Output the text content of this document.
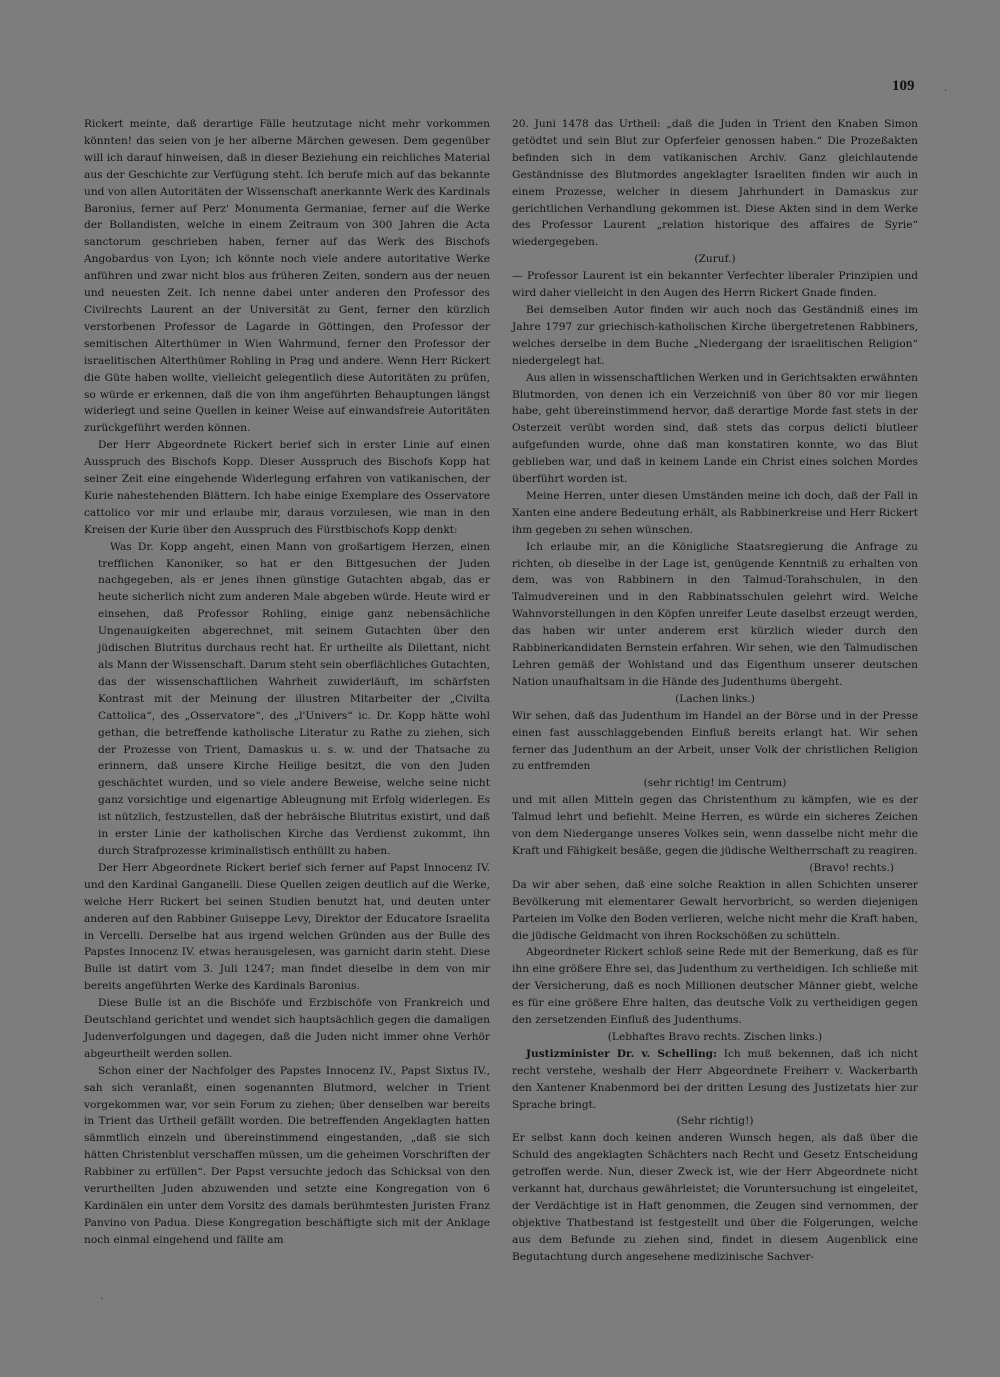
109	·

Rickert meinte, daß derartige Fälle heutzutage nicht mehr vorkommen könnten! das seien von je her alberne Märchen gewesen. Dem gegenüber will ich darauf hinweisen, daß in dieser Beziehung ein reichliches Material aus der Geschichte zur Verfügung steht. Ich berufe mich auf das bekannte und von allen Autoritäten der Wissenschaft anerkannte Werk des Kardinals Baronius, ferner auf Perz' Monumenta Germaniae, ferner auf die Werke der Bollandisten, welche in einem Zeitraum von 300 Jahren die Acta sanctorum geschrieben haben, ferner auf das Werk des Bischofs Angobardus von Lyon; ich könnte noch viele andere autoritative Werke anführen und zwar nicht blos aus früheren Zeiten, sondern aus der neuen und neuesten Zeit. Ich nenne dabei unter anderen den Professor des Civilrechts Laurent an der Universität zu Gent, ferner den kürzlich verstorbenen Professor de Lagarde in Göttingen, den Professor der semitischen Alterthümer in Wien Wahrmund, ferner den Professor der israelitischen Alterthümer Rohling in Prag und andere. Wenn Herr Rickert die Güte haben wollte, vielleicht gelegentlich diese Autoritäten zu prüfen, so würde er erkennen, daß die von ihm angeführten Behauptungen längst widerlegt und seine Quellen in keiner Weise auf einwandsfreie Autoritäten zurückgeführt werden können.

Der Herr Abgeordnete Rickert berief sich in erster Linie auf einen Ausspruch des Bischofs Kopp. Dieser Ausspruch des Bischofs Kopp hat seiner Zeit eine eingehende Widerlegung erfahren von vatikanischen, der Kurie nahestehenden Blättern. Ich habe einige Exemplare des Osservatore cattolico vor mir und erlaube mir, daraus vorzulesen, wie man in den Kreisen der Kurie über den Ausspruch des Fürstbischofs Kopp denkt:

Was Dr. Kopp angeht, einen Mann von großartigem Herzen, einen trefflichen Kanoniker, so hat er den Bittgesuchen der Juden nachgegeben, als er jenes ihnen günstige Gutachten abgab, das er heute sicherlich nicht zum anderen Male abgeben würde. Heute wird er einsehen, daß Professor Rohling, einige ganz nebensächliche Ungenauigkeiten abgerechnet, mit seinem Gutachten über den jüdischen Blutritus durchaus recht hat. Er urtheilte als Dilettant, nicht als Mann der Wissenschaft. Darum steht sein oberflächliches Gutachten, das der wissenschaftlichen Wahrheit zuwiderläuft, im schärfsten Kontrast mit der Meinung der illustren Mitarbeiter der „Civilta Cattolica“, des „Osservatore“, des „l'Univers“ ic. Dr. Kopp hätte wohl gethan, die betreffende katholische Literatur zu Rathe zu ziehen, sich der Prozesse von Trient, Damaskus u. s. w. und der Thatsache zu erinnern, daß unsere Kirche Heilige besitzt, die von den Juden geschächtet wurden, und so viele andere Beweise, welche seine nicht ganz vorsichtige und eigenartige Ableugnung mit Erfolg widerlegen. Es ist nützlich, festzustellen, daß der hebräische Blutritus existirt, und daß in erster Linie der katholischen Kirche das Verdienst zukommt, ihn durch Strafprozesse kriminalistisch enthüllt zu haben.

Der Herr Abgeordnete Rickert berief sich ferner auf Papst Innocenz IV. und den Kardinal Ganganelli. Diese Quellen zeigen deutlich auf die Werke, welche Herr Rickert bei seinen Studien benutzt hat, und deuten unter anderen auf den Rabbiner Guiseppe Levy, Direktor der Educatore Israelita in Vercelli. Derselbe hat aus irgend welchen Gründen aus der Bulle des Papstes Innocenz IV. etwas herausgelesen, was garnicht darin steht. Diese Bulle ist datirt vom 3. Juli 1247; man findet dieselbe in dem von mir bereits angeführten Werke des Kardinals Baronius.

Diese Bulle ist an die Bischöfe und Erzbischöfe von Frankreich und Deutschland gerichtet und wendet sich hauptsächlich gegen die damaligen Judenverfolgungen und dagegen, daß die Juden nicht immer ohne Verhör abgeurtheilt werden sollen.

Schon einer der Nachfolger des Papstes Innocenz IV., Papst Sixtus IV., sah sich veranlaßt, einen sogenannten Blutmord, welcher in Trient vorgekommen war, vor sein Forum zu ziehen; über denselben war bereits in Trient das Urtheil gefällt worden. Die betreffenden Angeklagten hatten sämmtlich einzeln und übereinstimmend eingestanden, „daß sie sich hätten Christenblut verschaffen müssen, um die geheimen Vorschriften der Rabbiner zu erfüllen“. Der Papst versuchte jedoch das Schicksal von den verurtheilten Juden abzuwenden und setzte eine Kongregation von 6 Kardinälen ein unter dem Vorsitz des damals berühmtesten Juristen Franz Panvino von Padua. Diese Kongregation beschäftigte sich mit der Anklage noch einmal eingehend und fällte am

20. Juni 1478 das Urtheil: „daß die Juden in Trient den Knaben Simon getödtet und sein Blut zur Opferfeier genossen haben.“ Die Prozeßakten befinden sich in dem vatikanischen Archiv. Ganz gleichlautende Geständnisse des Blutmordes angeklagter Israeliten finden wir auch in einem Prozesse, welcher in diesem Jahrhundert in Damaskus zur gerichtlichen Verhandlung gekommen ist. Diese Akten sind in dem Werke des Professor Laurent „relation historique des affaires de Syrie“ wiedergegeben.

(Zuruf.)

— Professor Laurent ist ein bekannter Verfechter liberaler Prinzipien und wird daher vielleicht in den Augen des Herrn Rickert Gnade finden.

Bei demselben Autor finden wir auch noch das Geständniß eines im Jahre 1797 zur griechisch-katholischen Kirche übergetretenen Rabbiners, welches derselbe in dem Buche „Niedergang der israelitischen Religion“ niedergelegt hat.

Aus allen in wissenschaftlichen Werken und in Gerichtsakten erwähnten Blutmorden, von denen ich ein Verzeichniß von über 80 vor mir liegen habe, geht übereinstimmend hervor, daß derartige Morde fast stets in der Osterzeit verübt worden sind, daß stets das corpus delicti blutleer aufgefunden wurde, ohne daß man konstatiren konnte, wo das Blut geblieben war, und daß in keinem Lande ein Christ eines solchen Mordes überführt worden ist.

Meine Herren, unter diesen Umständen meine ich doch, daß der Fall in Xanten eine andere Bedeutung erhält, als Rabbinerkreise und Herr Rickert ihm gegeben zu sehen wünschen.

Ich erlaube mir, an die Königliche Staatsregierung die Anfrage zu richten, ob dieselbe in der Lage ist, genügende Kenntniß zu erhalten von dem, was von Rabbinern in den Talmud-Torahschulen, in den Talmudvereinen und in den Rabbinatsschulen gelehrt wird. Welche Wahnvorstellungen in den Köpfen unreifer Leute daselbst erzeugt werden, das haben wir unter anderem erst kürzlich wieder durch den Rabbinerkandidaten Bernstein erfahren. Wir sehen, wie den Talmudischen Lehren gemäß der Wohlstand und das Eigenthum unserer deutschen Nation unaufhaltsam in die Hände des Judenthums übergeht.

(Lachen links.)

Wir sehen, daß das Judenthum im Handel an der Börse und in der Presse einen fast ausschlaggebenden Einfluß bereits erlangt hat. Wir sehen ferner das Judenthum an der Arbeit, unser Volk der christlichen Religion zu entfremden

(sehr richtig! im Centrum)

und mit allen Mitteln gegen das Christenthum zu kämpfen, wie es der Talmud lehrt und befiehlt. Meine Herren, es würde ein sicheres Zeichen von dem Niedergange unseres Volkes sein, wenn dasselbe nicht mehr die Kraft und Fähigkeit besäße, gegen die jüdische Weltherrschaft zu reagiren.

(Bravo! rechts.)

Da wir aber sehen, daß eine solche Reaktion in allen Schichten unserer Bevölkerung mit elementarer Gewalt hervorbricht, so werden diejenigen Parteien im Volke den Boden verlieren, welche nicht mehr die Kraft haben, die jüdische Geldmacht von ihren Rockschößen zu schütteln.

Abgeordneter Rickert schloß seine Rede mit der Bemerkung, daß es für ihn eine größere Ehre sei, das Judenthum zu vertheidigen. Ich schließe mit der Versicherung, daß es noch Millionen deutscher Männer giebt, welche es für eine größere Ehre halten, das deutsche Volk zu vertheidigen gegen den zersetzenden Einfluß des Judenthums.

(Lebhaftes Bravo rechts. Zischen links.)

Justizminister Dr. v. Schelling: Ich muß bekennen, daß ich nicht recht verstehe, weshalb der Herr Abgeordnete Freiherr v. Wackerbarth den Xantener Knabenmord bei der dritten Lesung des Justizetats hier zur Sprache bringt.

(Sehr richtig!)

Er selbst kann doch keinen anderen Wunsch hegen, als daß über die Schuld des angeklagten Schächters nach Recht und Gesetz Entscheidung getroffen werde. Nun, dieser Zweck ist, wie der Herr Abgeordnete nicht verkannt hat, durchaus gewährleistet; die Voruntersuchung ist eingeleitet, der Verdächtige ist in Haft genommen, die Zeugen sind vernommen, der objektive Thatbestand ist festgestellt und über die Folgerungen, welche aus dem Befunde zu ziehen sind, findet in diesem Augenblick eine Begutachtung durch angesehene medizinische Sachver-

ˋ
